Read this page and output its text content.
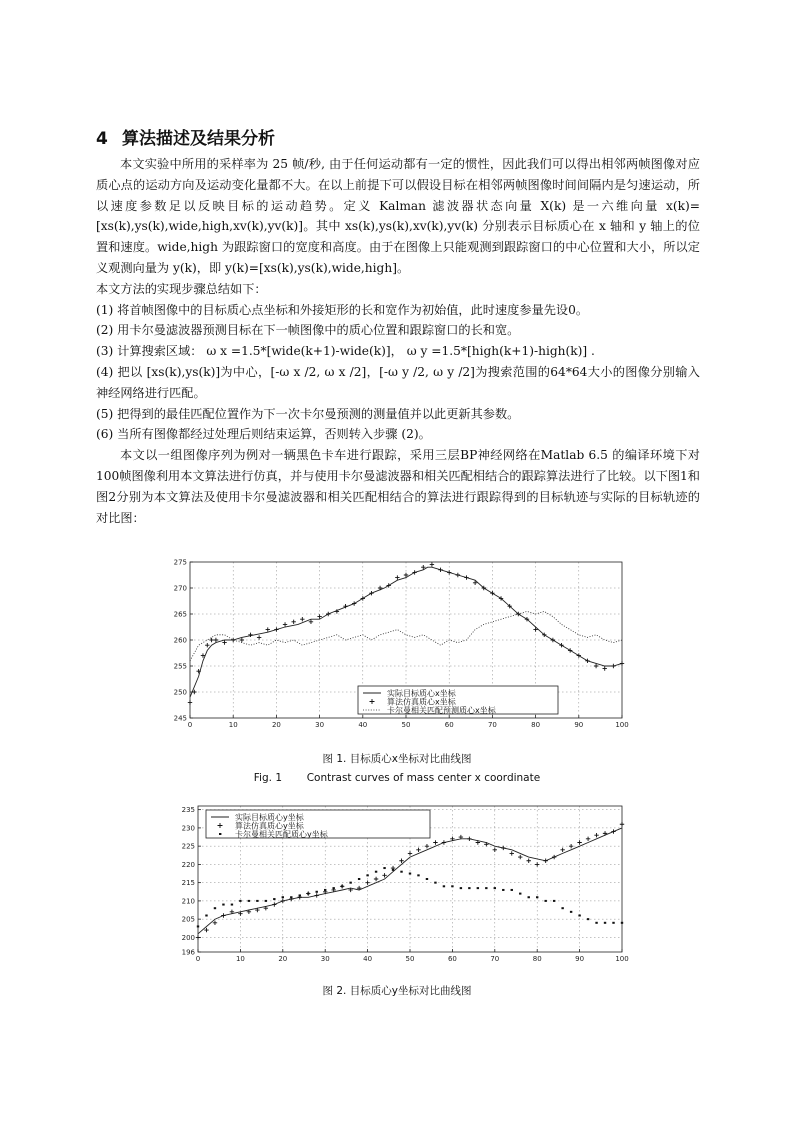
4 算法描述及结果分析

本文实验中所用的采样率为 25 帧/秒, 由于任何运动都有一定的惯性，因此我们可以得出相邻两帧图像对应质心点的运动方向及运动变化量都不大。在以上前提下可以假设目标在相邻两帧图像时间间隔内是匀速运动，所以速度参数足以反映目标的运动趋势。定义 Kalman 滤波器状态向量 X(k) 是一六维向量 x(k)=[xs(k),ys(k),wide,high,xv(k),yv(k)]。其中 xs(k),ys(k),xv(k),yv(k) 分别表示目标质心在 x 轴和 y 轴上的位置和速度。wide,high 为跟踪窗口的宽度和高度。由于在图像上只能观测到跟踪窗口的中心位置和大小，所以定义观测向量为 y(k)，即 y(k)=[xs(k),ys(k),wide,high]。

本文方法的实现步骤总结如下：

(1) 将首帧图像中的目标质心点坐标和外接矩形的长和宽作为初始值，此时速度参量先设0。

(2) 用卡尔曼滤波器预测目标在下一帧图像中的质心位置和跟踪窗口的长和宽。

(3) 计算搜索区域： ω x =1.5*[wide(k+1)-wide(k)]， ω y =1.5*[high(k+1)-high(k)] .

(4) 把以 [xs(k),ys(k)]为中心，[-ω x /2, ω x /2]，[-ω y /2, ω y /2]为搜索范围的64*64大小的图像分别输入神经网络进行匹配。

(5) 把得到的最佳匹配位置作为下一次卡尔曼预测的测量值并以此更新其参数。

(6) 当所有图像都经过处理后则结束运算，否则转入步骤 (2)。

本文以一组图像序列为例对一辆黑色卡车进行跟踪，采用三层BP神经网络在Matlab 6.5 的编译环境下对100帧图像利用本文算法进行仿真，并与使用卡尔曼滤波器和相关匹配相结合的跟踪算法进行了比较。以下图1和图2分别为本文算法及使用卡尔曼滤波器和相关匹配相结合的算法进行跟踪得到的目标轨迹与实际的目标轨迹的对比图：

0	10	20	30	40	50	60	70	80	90	100
245
250
255
260
265
270
275
实际目标质心x坐标
算法仿真质心x坐标
卡尔曼相关匹配预测质心x坐标
图 1. 目标质心x坐标对比曲线图
Fig. 1 Contrast curves of mass center x coordinate
0	10	20	30	40	50	60	70	80	90	100
196
200
205
210
215
220
225
230
235
实际目标质心y坐标
算法仿真质心y坐标
卡尔曼相关匹配质心y坐标
图 2. 目标质心y坐标对比曲线图
